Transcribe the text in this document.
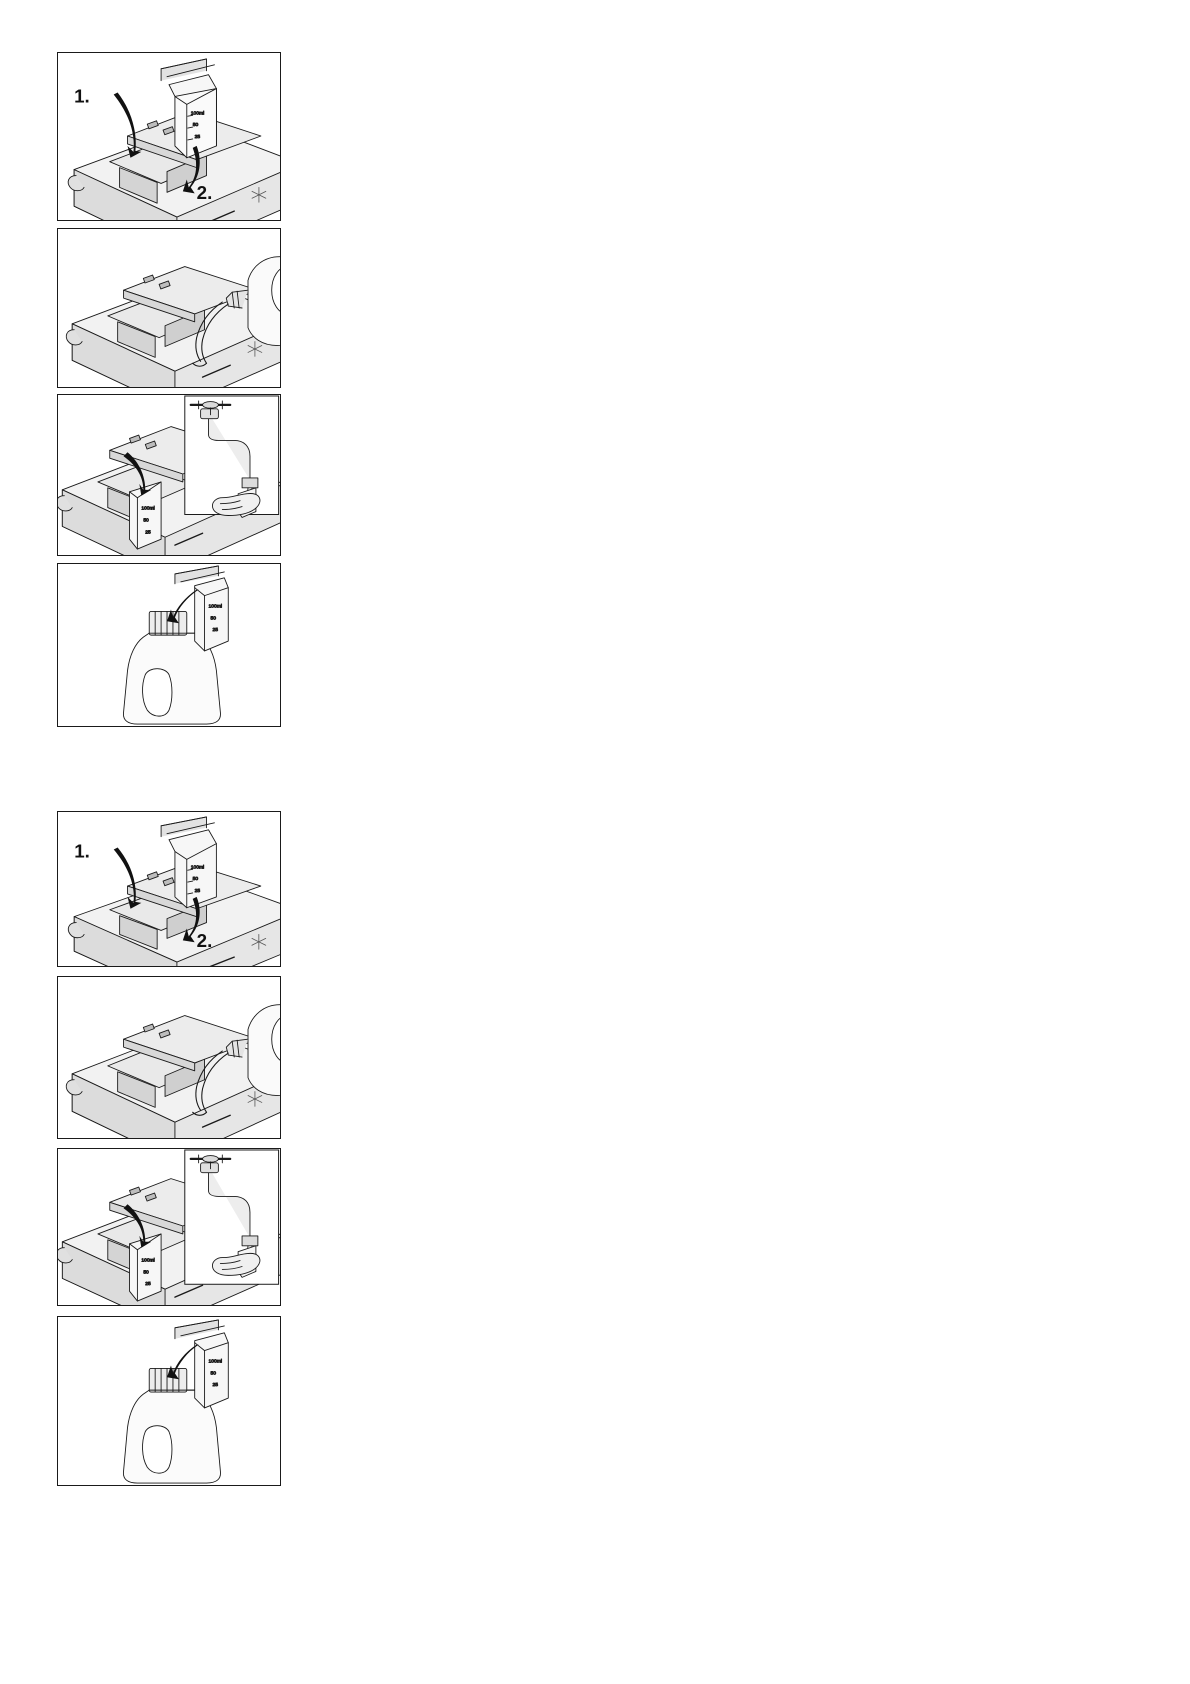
100ml
50
25
1.
2.
100ml
50
25
100ml
50
25
100ml
50
25
1.
2.
100ml
50
25
100ml
50
25
